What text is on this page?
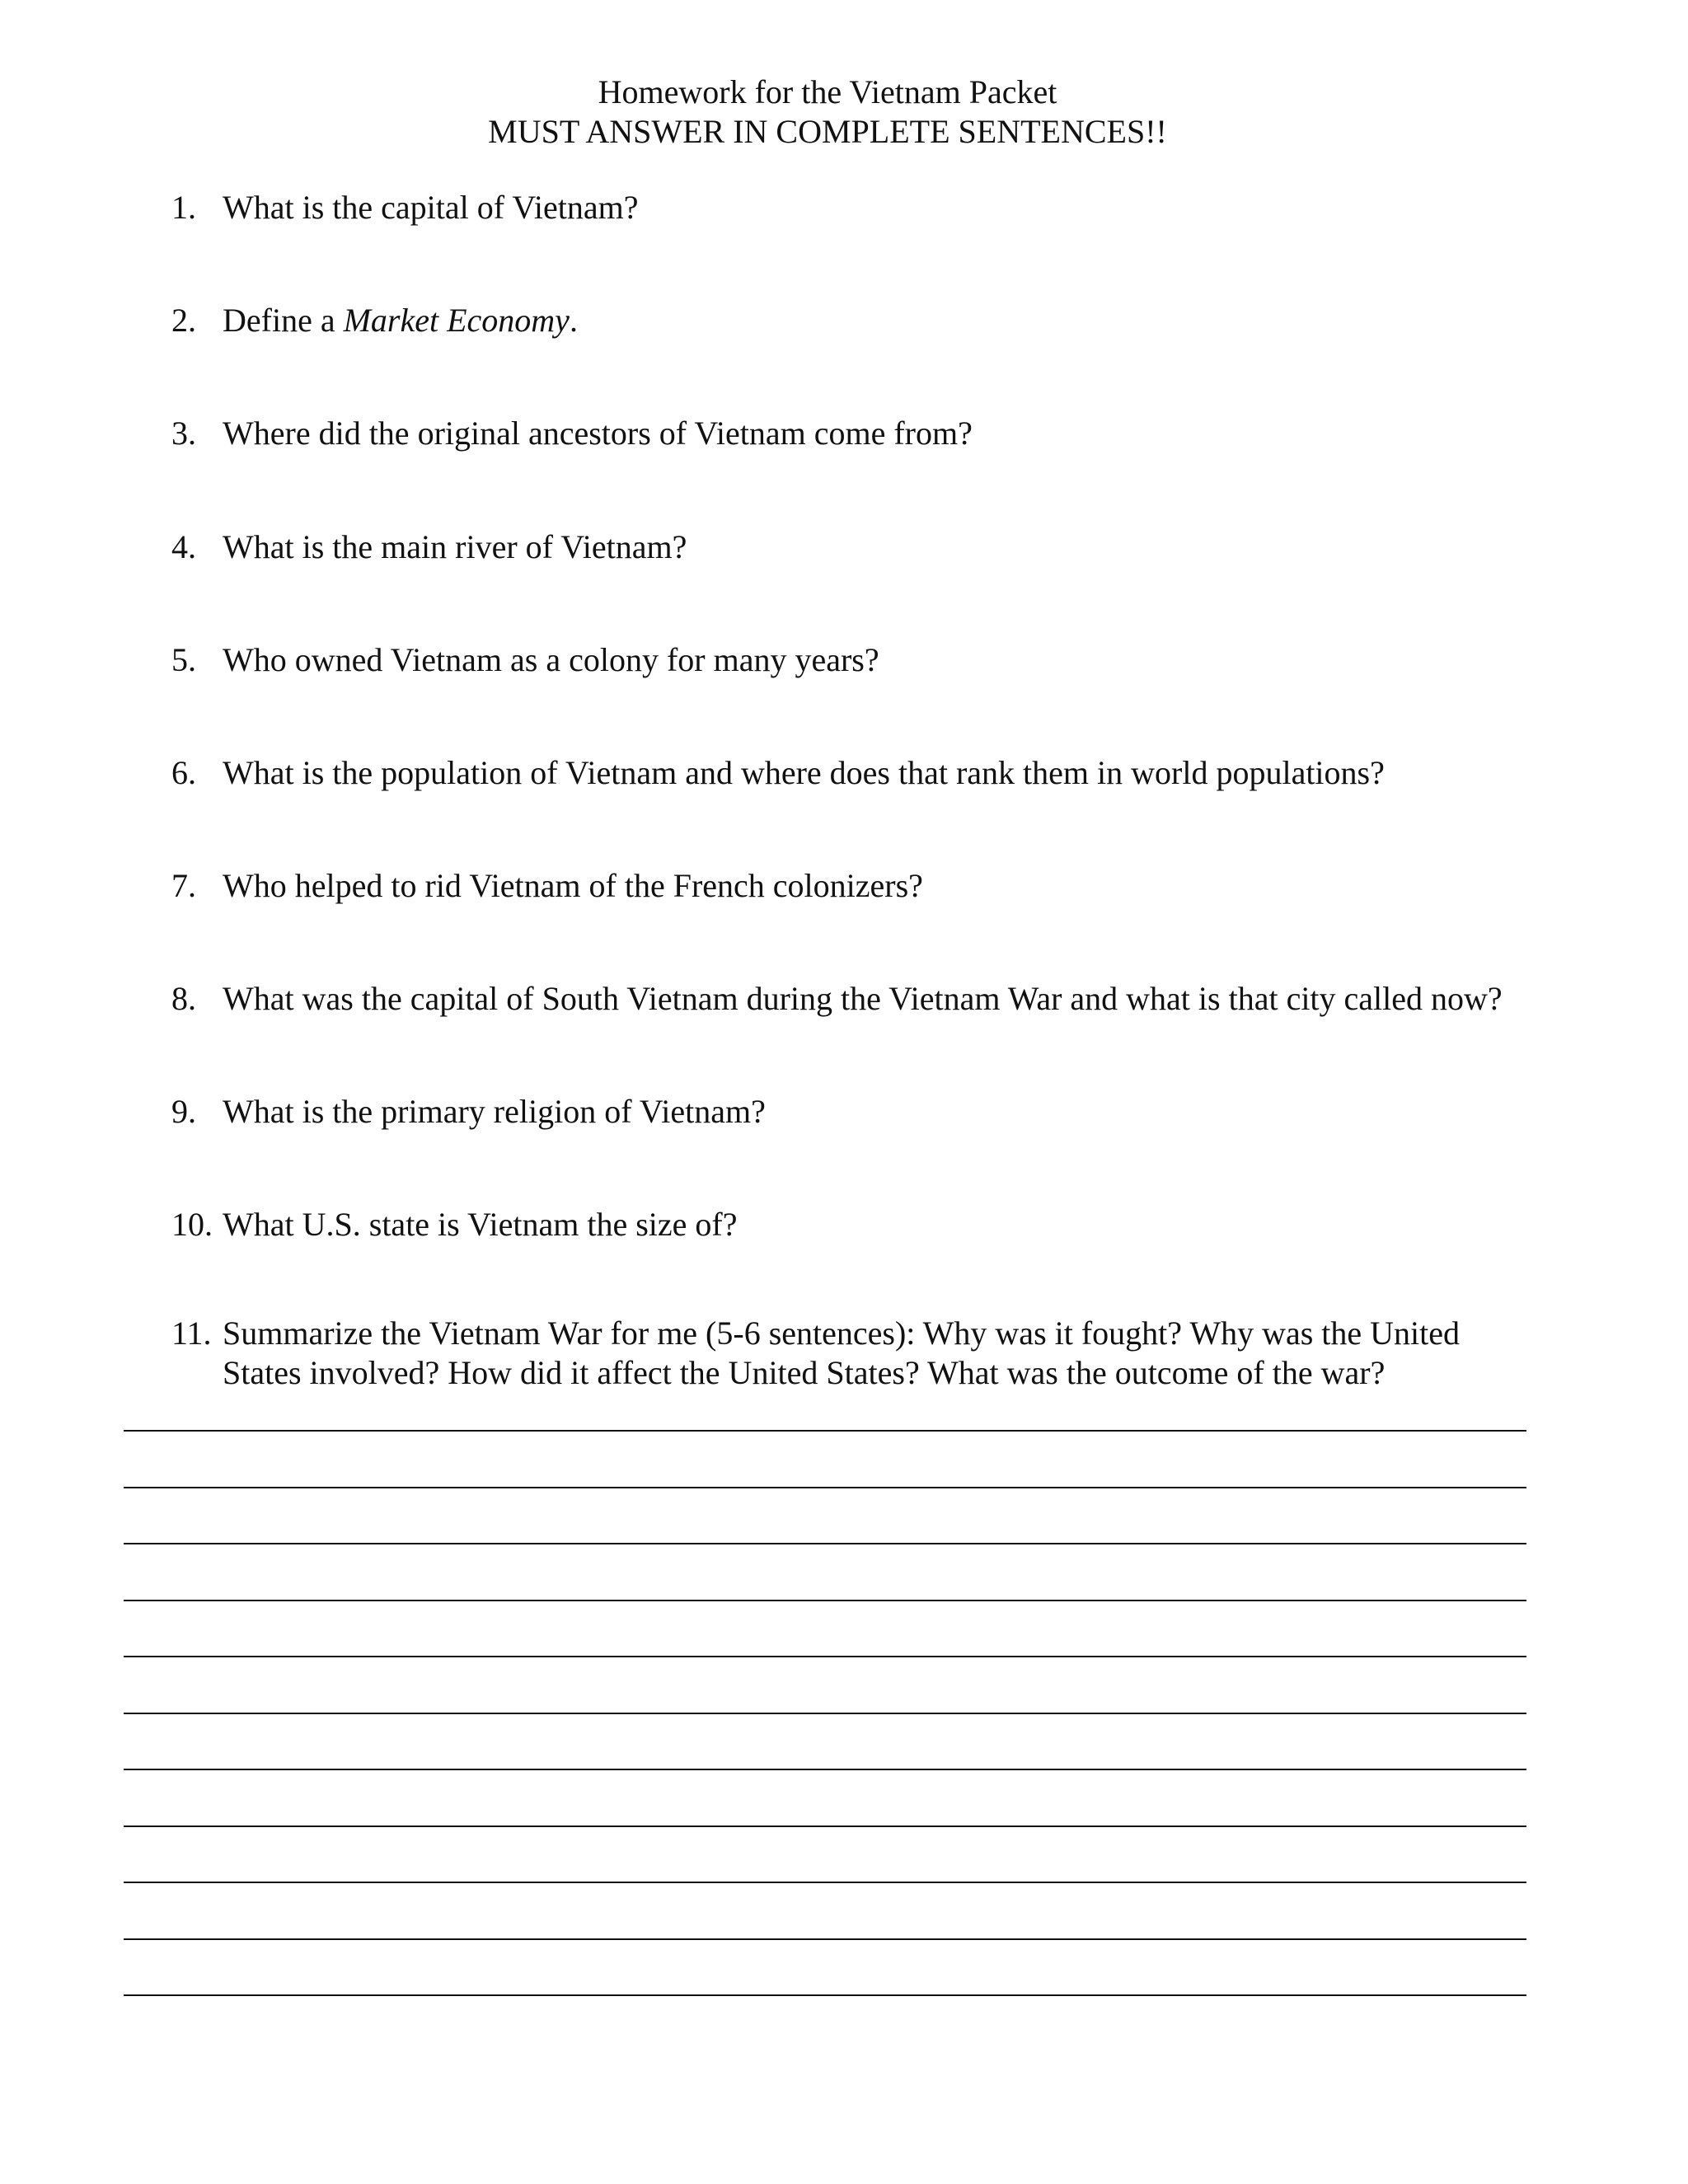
Homework for the Vietnam Packet
MUST ANSWER IN COMPLETE SENTENCES!!
1. What is the capital of Vietnam?
2. Define a Market Economy.
3. Where did the original ancestors of Vietnam come from?
4. What is the main river of Vietnam?
5. Who owned Vietnam as a colony for many years?
6. What is the population of Vietnam and where does that rank them in world populations?
7. Who helped to rid Vietnam of the French colonizers?
8. What was the capital of South Vietnam during the Vietnam War and what is that city called now?
9. What is the primary religion of Vietnam?
10. What U.S. state is Vietnam the size of?
11. Summarize the Vietnam War for me (5-6 sentences): Why was it fought? Why was the United States involved? How did it affect the United States? What was the outcome of the war?
